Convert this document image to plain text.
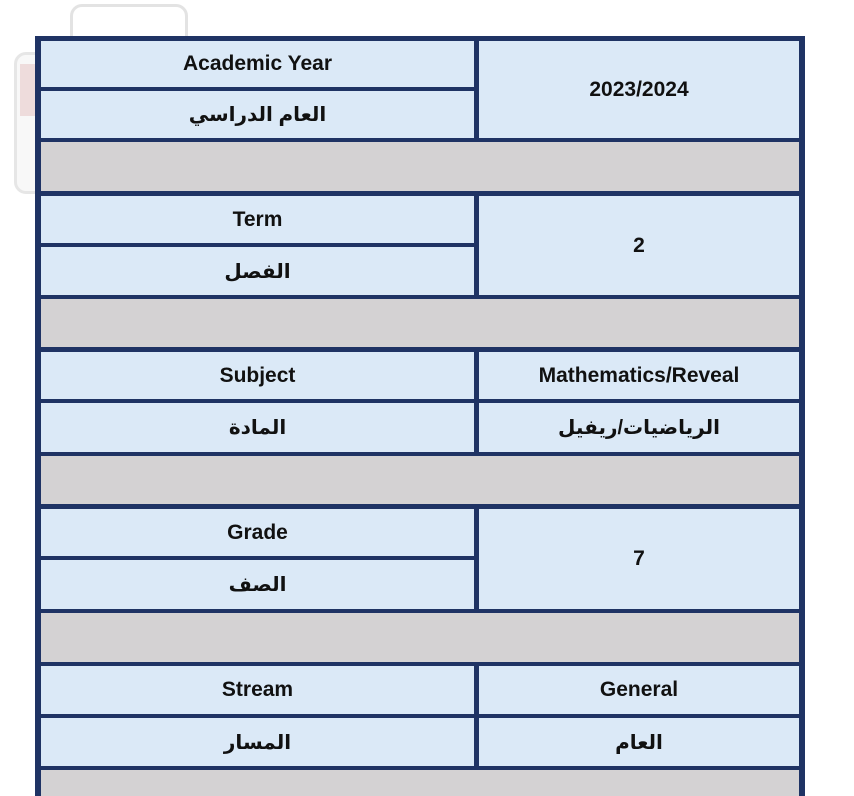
Academic Year
العام الدراسي
2023/2024
Term
الفصل
2
Subject	Mathematics/Reveal
المادة	الرياضيات/ريفيل
Grade
الصف
7
Stream	General
المسار	العام
